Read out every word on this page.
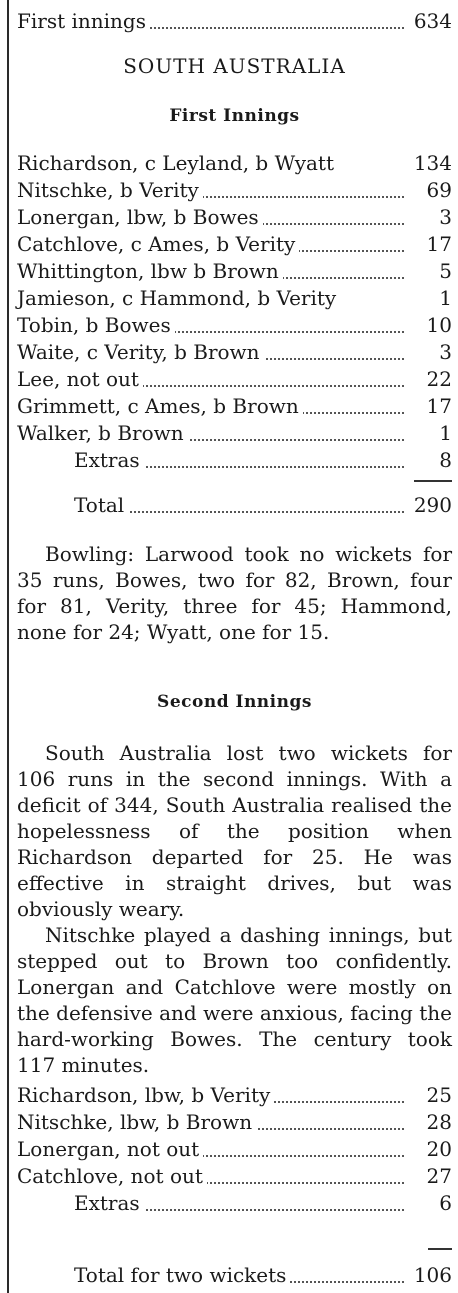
First innings	634
SOUTH AUSTRALIA
First Innings
Richardson, c Leyland, b Wyatt	134
Nitschke, b Verity	69
Lonergan, lbw, b Bowes	3
Catchlove, c Ames, b Verity	17
Whittington, lbw b Brown	5
Jamieson, c Hammond, b Verity	1
Tobin, b Bowes	10
Waite, c Verity, b Brown	3
Lee, not out	22
Grimmett, c Ames, b Brown	17
Walker, b Brown	1
Extras	8
Total	290
Bowling: Larwood took no wickets for 35 runs, Bowes, two for 82, Brown, four for 81, Verity, three for 45; Hammond, none for 24; Wyatt, one for 15.
Second Innings
South Australia lost two wickets for 106 runs in the second innings. With a deficit of 344, South Australia realised the hopelessness of the position when Richardson departed for 25. He was effective in straight drives, but was obviously weary.
Nitschke played a dashing innings, but stepped out to Brown too confidently. Lonergan and Catchlove were mostly on the defensive and were anxious, facing the hard-working Bowes. The century took 117 minutes.
Richardson, lbw, b Verity	25
Nitschke, lbw, b Brown	28
Lonergan, not out	20
Catchlove, not out	27
Extras	6
Total for two wickets	106
